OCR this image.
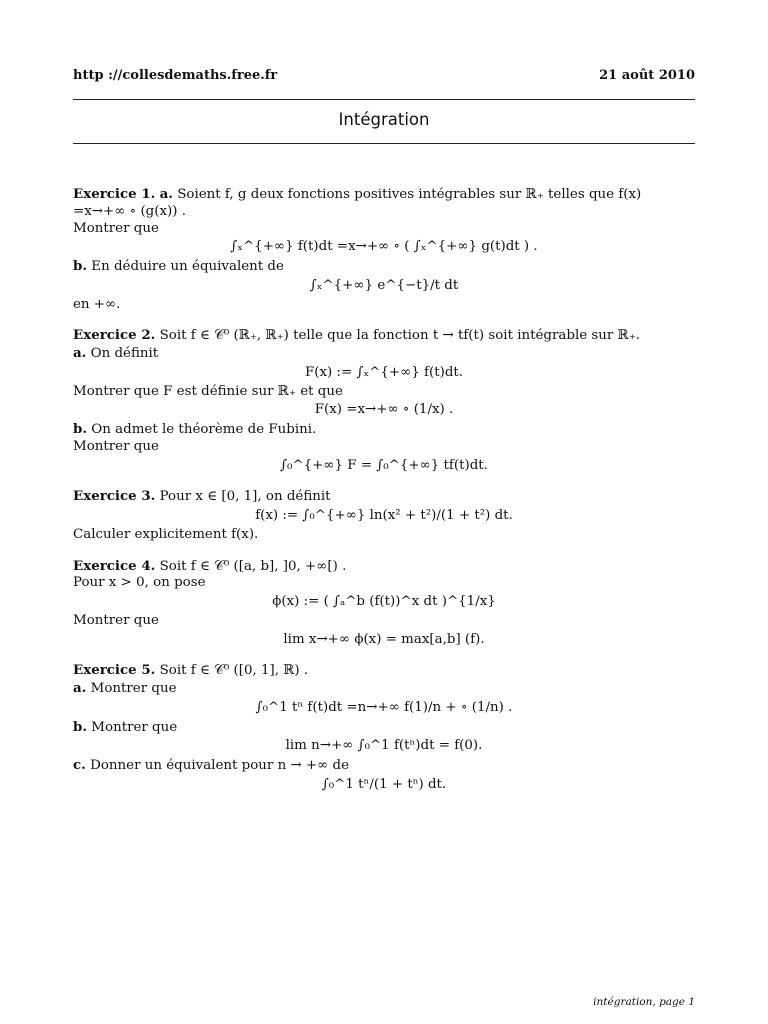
http ://collesdemaths.free.fr	21 août 2010
Intégration

Exercice 1. a. Soient f, g deux fonctions positives intégrables sur ℝ₊ telles que f(x) =x→+∞ ∘ (g(x)) .

Montrer que

∫ₓ^{+∞} f(t)dt =x→+∞ ∘ ( ∫ₓ^{+∞} g(t)dt ) .

b. En déduire un équivalent de

∫ₓ^{+∞} e^{−t}/t dt

en +∞.

Exercice 2. Soit f ∈ 𝒞⁰ (ℝ₊, ℝ₊) telle que la fonction t → tf(t) soit intégrable sur ℝ₊.

a. On définit

F(x) := ∫ₓ^{+∞} f(t)dt.

Montrer que F est définie sur ℝ₊ et que

F(x) =x→+∞ ∘ (1/x) .

b. On admet le théorème de Fubini.

Montrer que

∫₀^{+∞} F = ∫₀^{+∞} tf(t)dt.

Exercice 3. Pour x ∈ [0, 1], on définit

f(x) := ∫₀^{+∞} ln(x² + t²)/(1 + t²) dt.

Calculer explicitement f(x).

Exercice 4. Soit f ∈ 𝒞⁰ ([a, b], ]0, +∞[) .

Pour x > 0, on pose

ϕ(x) := ( ∫ₐ^b (f(t))^x dt )^{1/x}

Montrer que

lim x→+∞ ϕ(x) = max[a,b] (f).

Exercice 5. Soit f ∈ 𝒞⁰ ([0, 1], ℝ) .

a. Montrer que

∫₀^1 tⁿ f(t)dt =n→+∞ f(1)/n + ∘ (1/n) .

b. Montrer que

lim n→+∞ ∫₀^1 f(tⁿ)dt = f(0).

c. Donner un équivalent pour n → +∞ de

∫₀^1 tⁿ/(1 + tⁿ) dt.
intégration, page 1
